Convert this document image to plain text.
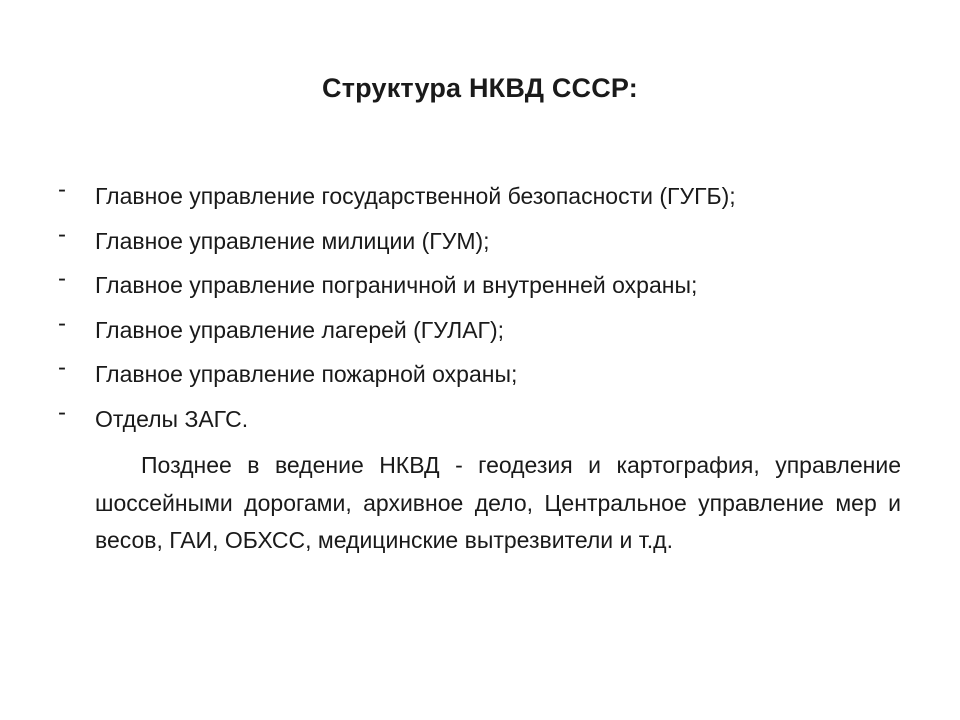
Структура НКВД СССР:
-	Главное управление государственной безопасности (ГУГБ);
-	Главное управление милиции (ГУМ);
-	Главное управление пограничной и внутренней охраны;
-	Главное управление лагерей (ГУЛАГ);
-	Главное управление пожарной охраны;
-	Отделы ЗАГС.

Позднее в ведение НКВД - геодезия и картография, управление шоссейными дорогами, архивное дело, Центральное управление мер и весов, ГАИ, ОБХСС, медицинские вытрезвители и т.д.
